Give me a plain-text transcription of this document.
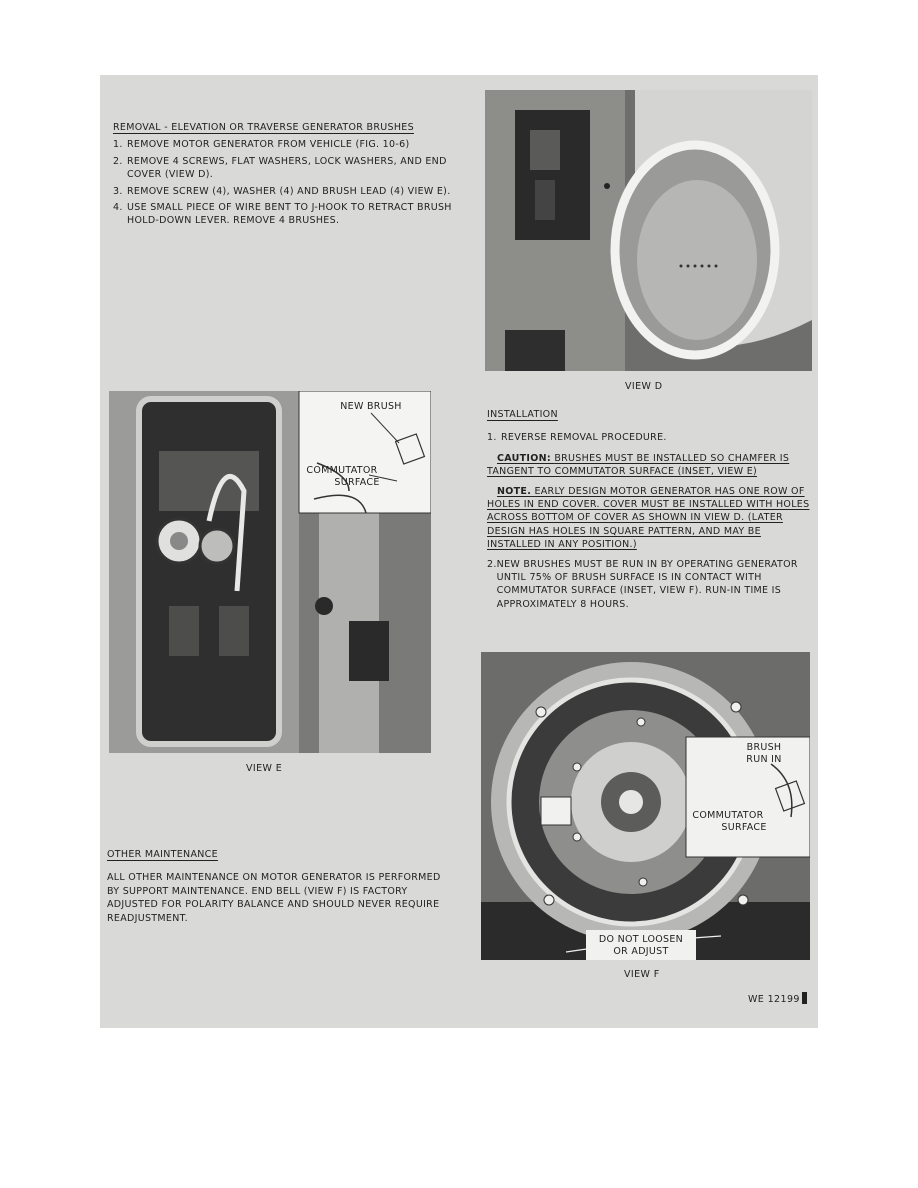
REMOVAL - ELEVATION OR TRAVERSE GENERATOR BRUSHES
1. REMOVE MOTOR GENERATOR FROM VEHICLE (FIG. 10-6)
2. REMOVE 4 SCREWS, FLAT WASHERS, LOCK WASHERS, AND END COVER (VIEW D).
3. REMOVE SCREW (4), WASHER (4) AND BRUSH LEAD (4) VIEW E).
4. USE SMALL PIECE OF WIRE BENT TO J-HOOK TO RETRACT BRUSH HOLD-DOWN LEVER. REMOVE 4 BRUSHES.
VIEW D
NEW BRUSH
COMMUTATOR
SURFACE
VIEW E
INSTALLATION
1. REVERSE REMOVAL PROCEDURE.
CAUTION: BRUSHES MUST BE INSTALLED SO CHAMFER IS TANGENT TO COMMUTATOR SURFACE (INSET, VIEW E)
NOTE. EARLY DESIGN MOTOR GENERATOR HAS ONE ROW OF HOLES IN END COVER. COVER MUST BE INSTALLED WITH HOLES ACROSS BOTTOM OF COVER AS SHOWN IN VIEW D. (LATER DESIGN HAS HOLES IN SQUARE PATTERN, AND MAY BE INSTALLED IN ANY POSITION.)
2. NEW BRUSHES MUST BE RUN IN BY OPERATING GENERATOR UNTIL 75% OF BRUSH SURFACE IS IN CONTACT WITH COMMUTATOR SURFACE (INSET, VIEW F). RUN-IN TIME IS APPROXIMATELY 8 HOURS.
BRUSH
RUN IN
COMMUTATOR
SURFACE
DO NOT LOOSEN
OR ADJUST
VIEW F
OTHER MAINTENANCE
ALL OTHER MAINTENANCE ON MOTOR GENERATOR IS PERFORMED BY SUPPORT MAINTENANCE. END BELL (VIEW F) IS FACTORY ADJUSTED FOR POLARITY BALANCE AND SHOULD NEVER REQUIRE READJUSTMENT.
WE 12199
